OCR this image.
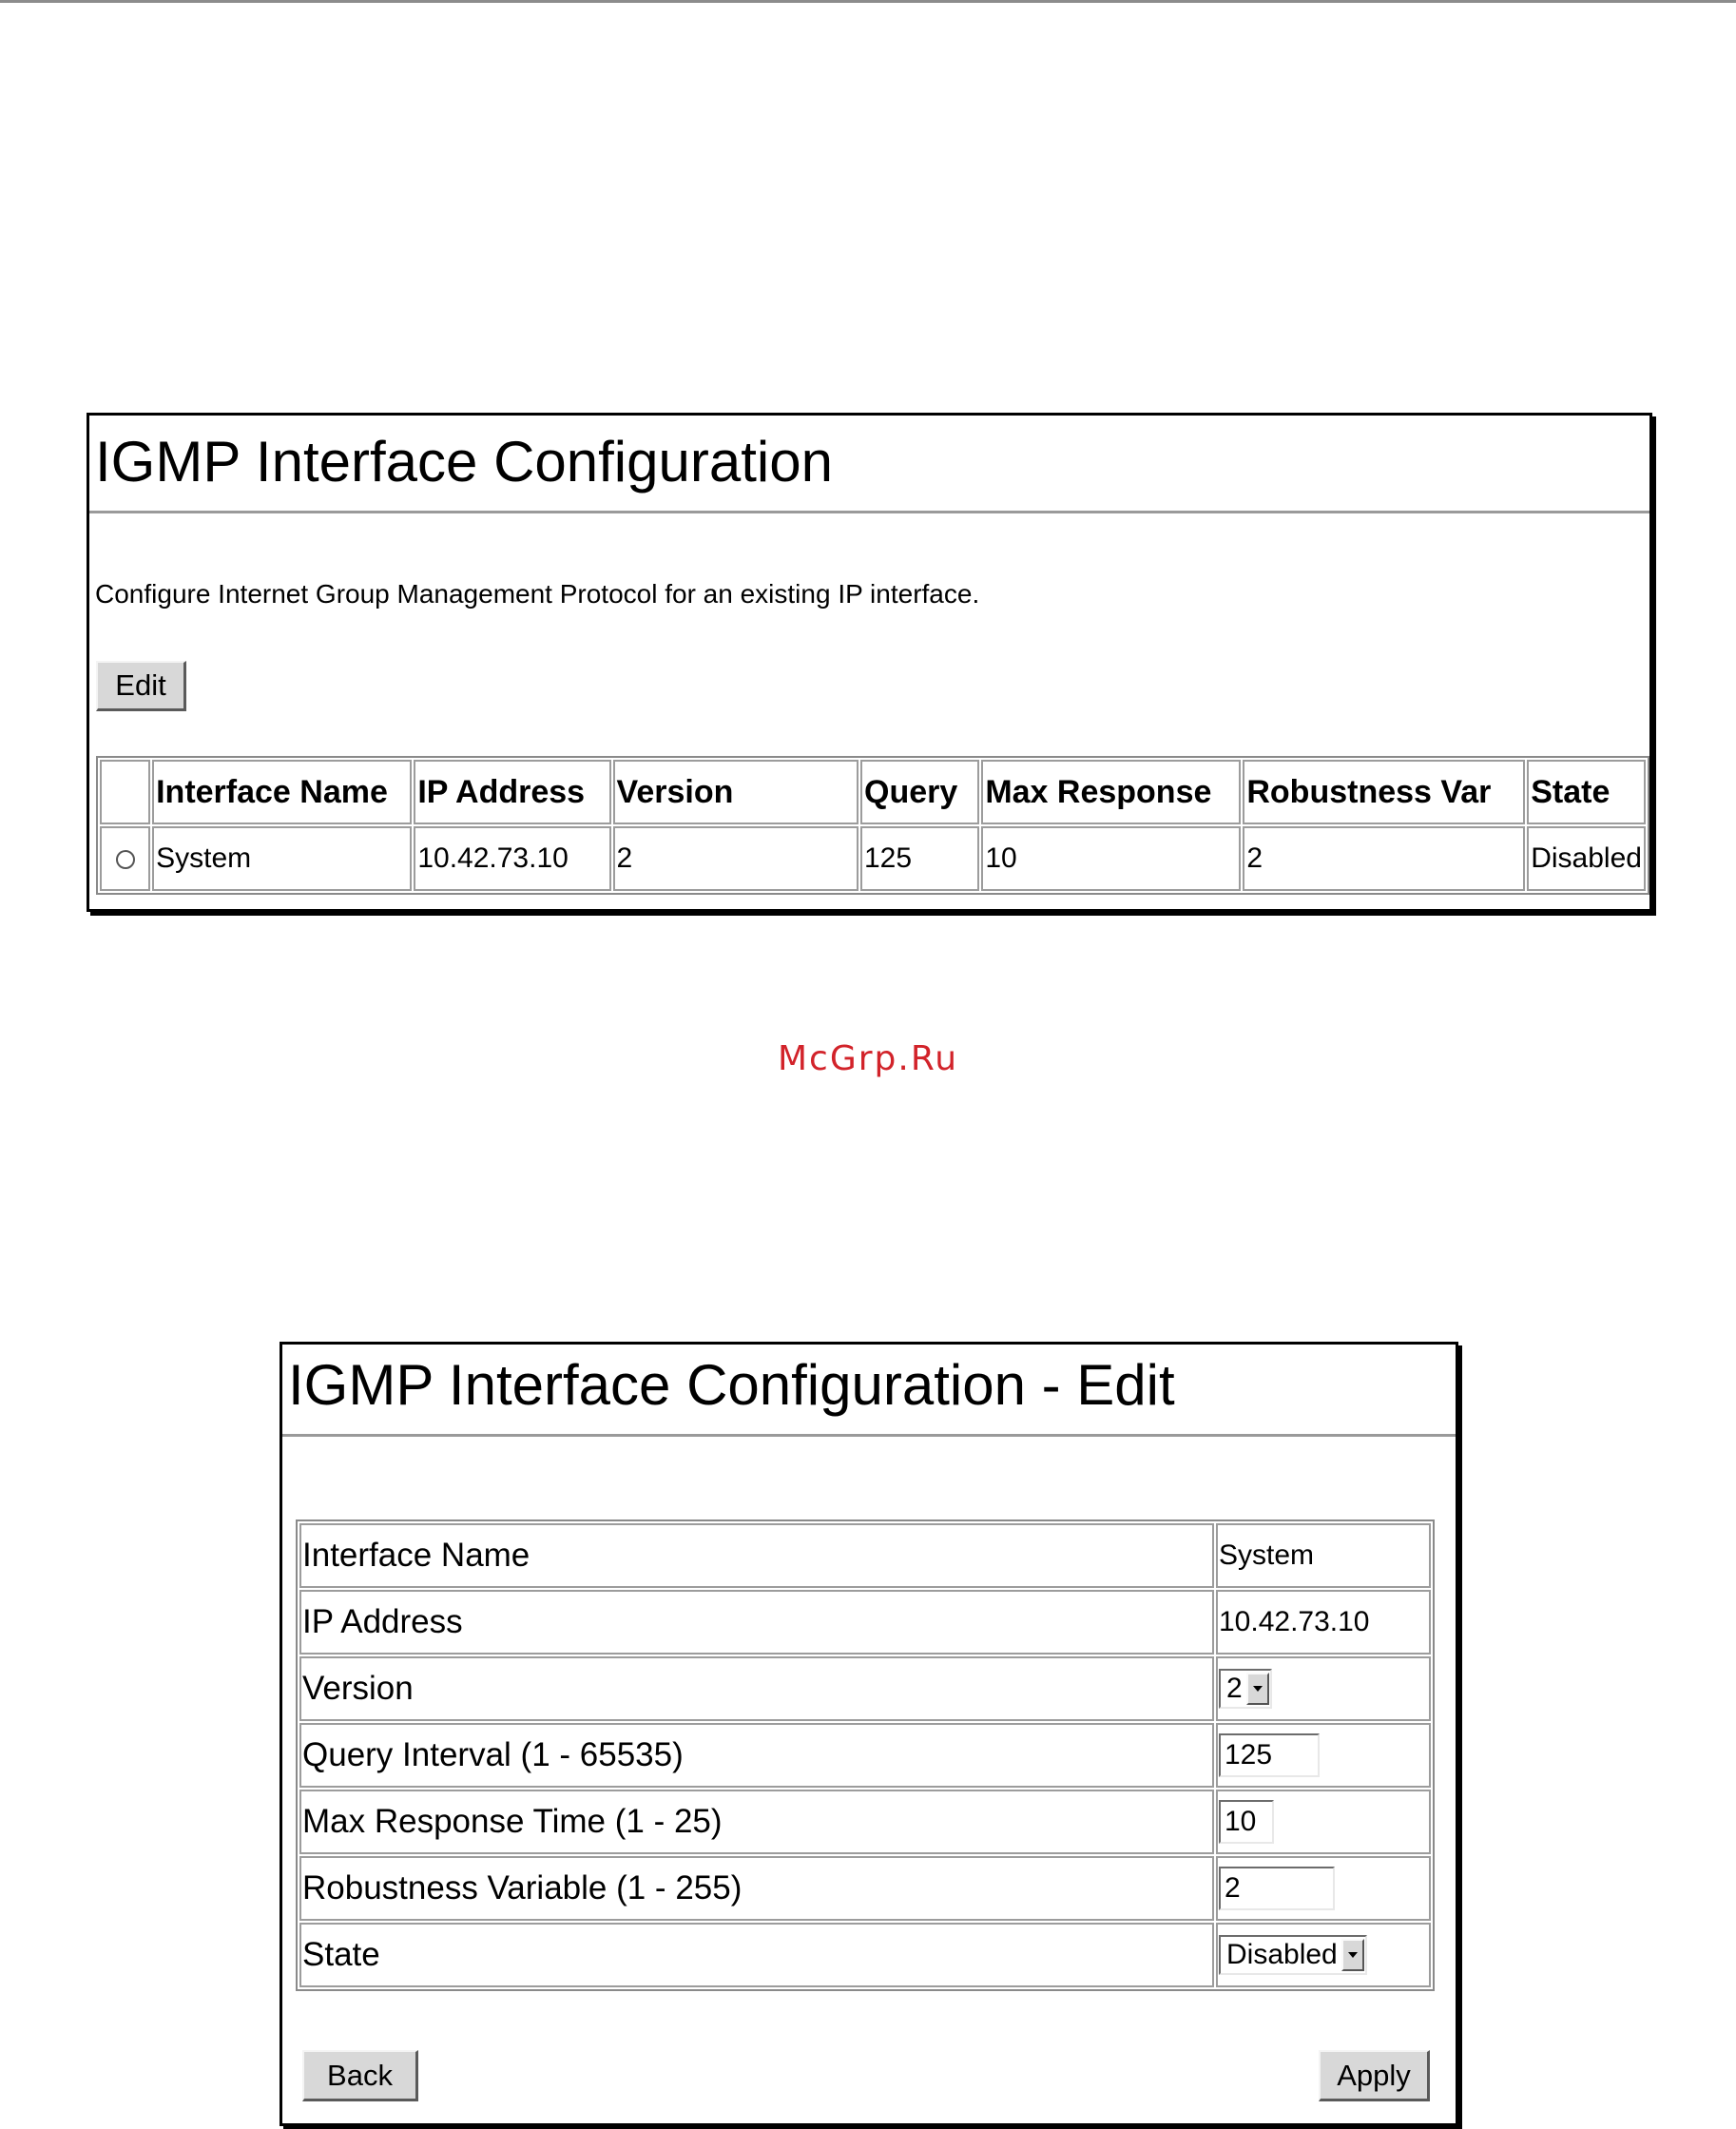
IGMP Interface Configuration
Configure Internet Group Management Protocol for an existing IP interface.
Edit
	Interface Name	IP Address	Version	Query	Max Response	Robustness Var	State
	System	10.42.73.10	2	125	10	2	Disabled
McGrp.Ru
IGMP Interface Configuration - Edit
Interface Name	System
IP Address	10.42.73.10
Version	2

Query Interval (1 - 65535)	125
Max Response Time (1 - 25)	10
Robustness Variable (1 - 255)	2
State	Disabled
Back	Apply
